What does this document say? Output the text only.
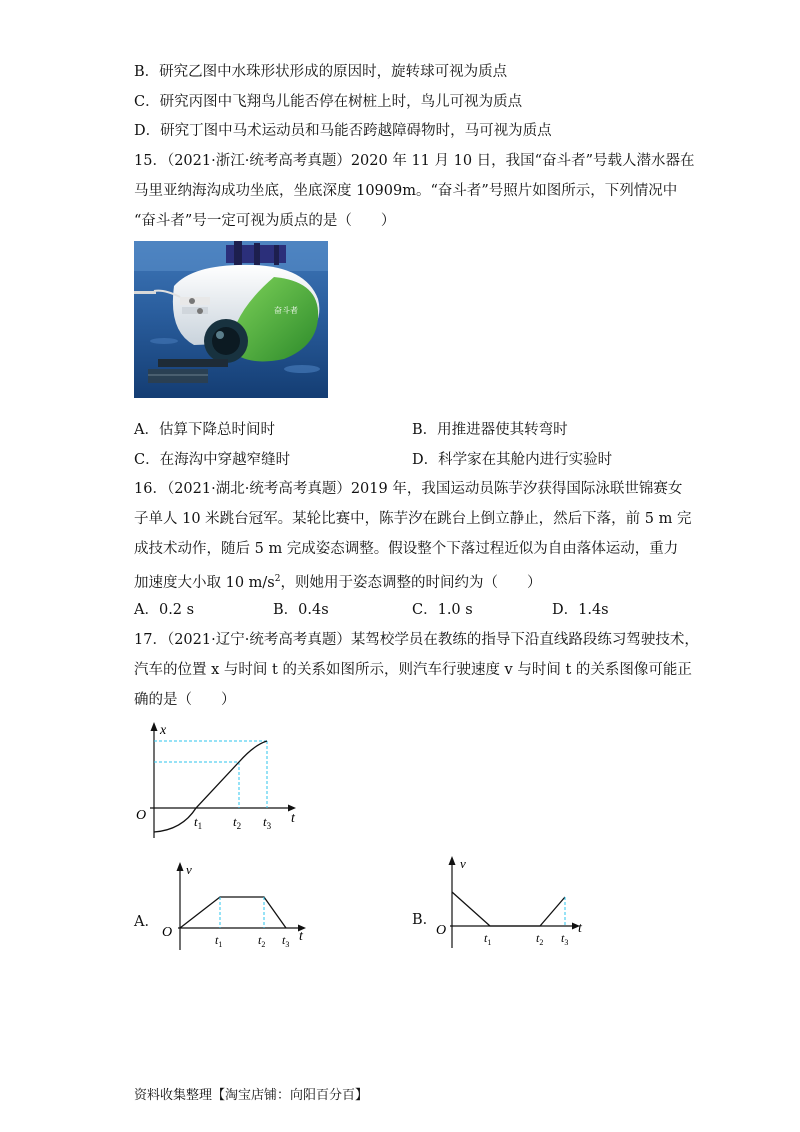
B．研究乙图中水珠形状形成的原因时，旋转球可视为质点
C．研究丙图中飞翔鸟儿能否停在树桩上时，鸟儿可视为质点
D．研究丁图中马术运动员和马能否跨越障碍物时，马可视为质点
15．（2021·浙江·统考高考真题）2020 年 11 月 10 日，我国“奋斗者”号载人潜水器在
马里亚纳海沟成功坐底，坐底深度 10909m。“奋斗者”号照片如图所示，下列情况中
“奋斗者”号一定可视为质点的是（　　）
奋斗者
A．估算下降总时间时	B．用推进器使其转弯时
C．在海沟中穿越窄缝时	D．科学家在其舱内进行实验时
16．（2021·湖北·统考高考真题）2019 年，我国运动员陈芋汐获得国际泳联世锦赛女
子单人 10 米跳台冠军。某轮比赛中，陈芋汐在跳台上倒立静止，然后下落，前 5 m 完
成技术动作，随后 5 m 完成姿态调整。假设整个下落过程近似为自由落体运动，重力
加速度大小取 10 $m/s^2$，则她用于姿态调整的时间约为（　　）
A．0.2 s	B．0.4s	C．1.0 s	D．1.4s
17．（2021·辽宁·统考高考真题）某驾校学员在教练的指导下沿直线路段练习驾驶技术，
汽车的位置 x 与时间 t 的关系如图所示，则汽车行驶速度 v 与时间 t 的关系图像可能正
确的是（　　）
x
t
O	$t_1$ $t_2$ $t_3$
A．
v
t
O	$t_1$	$t_2$ $t_3$
B．
v
t
O	$t_1$	$t_2$ $t_3$
资料收集整理【淘宝店铺：向阳百分百】
